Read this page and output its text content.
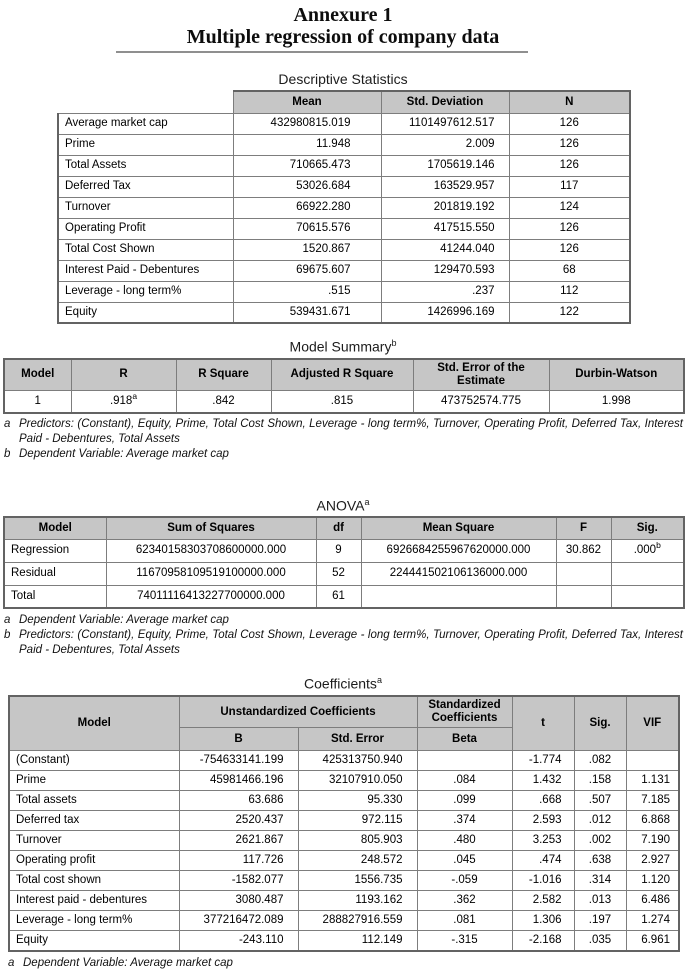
Annexure 1
Multiple regression of company data
Descriptive Statistics
	Mean	Std. Deviation	N
Average market cap	432980815.019	1101497612.517	126
Prime	11.948	2.009	126
Total Assets	710665.473	1705619.146	126
Deferred Tax	53026.684	163529.957	117
Turnover	66922.280	201819.192	124
Operating Profit	70615.576	417515.550	126
Total Cost Shown	1520.867	41244.040	126
Interest Paid - Debentures	69675.607	129470.593	68
Leverage - long term%	.515	.237	112
Equity	539431.671	1426996.169	122
Model Summary$^b$
Model	R	R Square	Adjusted R Square	Std. Error of the Estimate	Durbin-Watson
1	.918$^a$	.842	.815	473752574.775	1.998
a Predictors: (Constant), Equity, Prime, Total Cost Shown, Leverage - long term%, Turnover, Operating Profit, Deferred Tax, Interest Paid - Debentures, Total Assets
b Dependent Variable: Average market cap
ANOVA$^a$
Model	Sum of Squares	df	Mean Square	F	Sig.
Regression	62340158303708600000.000	9	6926684255967620000.000	30.862	.000$^b$
Residual	11670958109519100000.000	52	224441502106136000.000		
Total	74011116413227700000.000	61			
a Dependent Variable: Average market cap
b Predictors: (Constant), Equity, Prime, Total Cost Shown, Leverage - long term%, Turnover, Operating Profit, Deferred Tax, Interest Paid - Debentures, Total Assets
Coefficients$^a$
Model	Unstandardized Coefficients		Standardized Coefficients	t	Sig.	VIF
	B	Std. Error	Beta			
(Constant)	-754633141.199	425313750.940		-1.774	.082	
Prime	45981466.196	32107910.050	.084	1.432	.158	1.131
Total assets	63.686	95.330	.099	.668	.507	7.185
Deferred tax	2520.437	972.115	.374	2.593	.012	6.868
Turnover	2621.867	805.903	.480	3.253	.002	7.190
Operating profit	117.726	248.572	.045	.474	.638	2.927
Total cost shown	-1582.077	1556.735	-.059	-1.016	.314	1.120
Interest paid - debentures	3080.487	1193.162	.362	2.582	.013	6.486
Leverage - long term%	377216472.089	288827916.559	.081	1.306	.197	1.274
Equity	-243.110	112.149	-.315	-2.168	.035	6.961
a Dependent Variable: Average market cap
